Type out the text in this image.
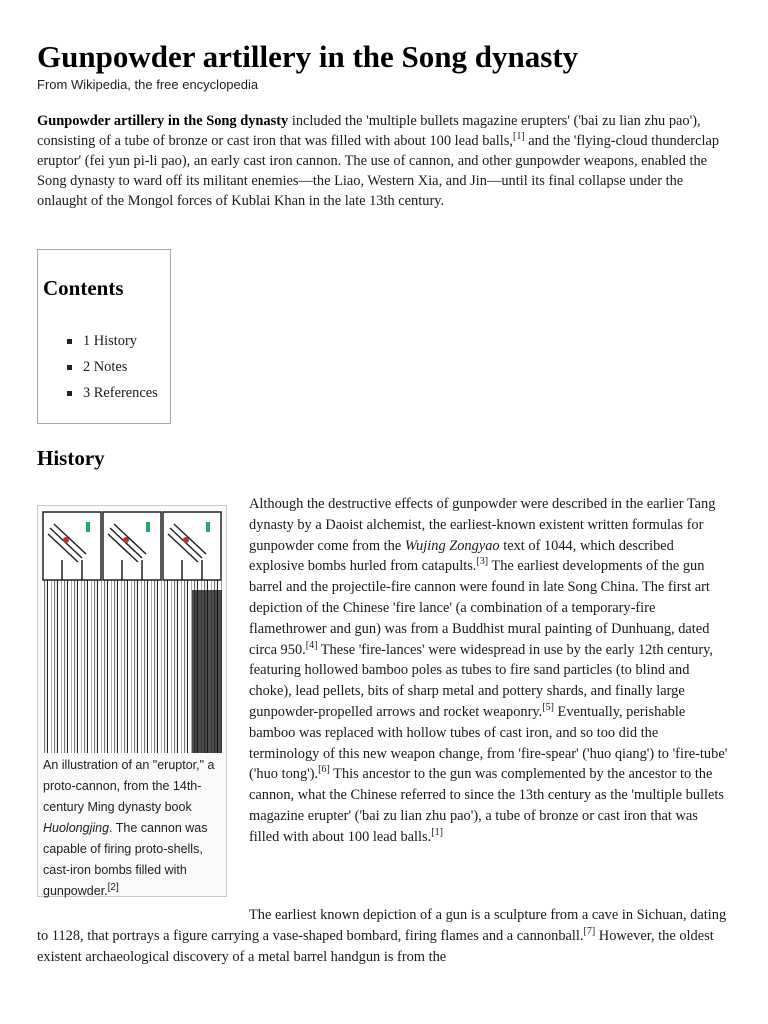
Gunpowder artillery in the Song dynasty
From Wikipedia, the free encyclopedia

Gunpowder artillery in the Song dynasty included the 'multiple bullets magazine erupters' ('bai zu lian zhu pao'), consisting of a tube of bronze or cast iron that was filled with about 100 lead balls,[1] and the 'flying-cloud thunderclap eruptor' (fei yun pi-li pao), an early cast iron cannon. The use of cannon, and other gunpowder weapons, enabled the Song dynasty to ward off its militant enemies—the Liao, Western Xia, and Jin—until its final collapse under the onlaught of the Mongol forces of Kublai Khan in the late 13th century.

Contents
1 History
2 Notes
3 References
History
An illustration of an "eruptor," a proto-cannon, from the 14th-century Ming dynasty book Huolongjing. The cannon was capable of firing proto-shells, cast-iron bombs filled with gunpowder.[2]

Although the destructive effects of gunpowder were described in the earlier Tang dynasty by a Daoist alchemist, the earliest-known existent written formulas for gunpowder come from the Wujing Zongyao text of 1044, which described explosive bombs hurled from catapults.[3] The earliest developments of the gun barrel and the projectile-fire cannon were found in late Song China. The first art depiction of the Chinese 'fire lance' (a combination of a temporary-fire flamethrower and gun) was from a Buddhist mural painting of Dunhuang, dated circa 950.[4] These 'fire-lances' were widespread in use by the early 12th century, featuring hollowed bamboo poles as tubes to fire sand particles (to blind and choke), lead pellets, bits of sharp metal and pottery shards, and finally large gunpowder-propelled arrows and rocket weaponry.[5] Eventually, perishable bamboo was replaced with hollow tubes of cast iron, and so too did the terminology of this new weapon change, from 'fire-spear' ('huo qiang') to 'fire-tube' ('huo tong').[6] This ancestor to the gun was complemented by the ancestor to the cannon, what the Chinese referred to since the 13th century as the 'multiple bullets magazine erupter' ('bai zu lian zhu pao'), a tube of bronze or cast iron that was filled with about 100 lead balls.[1]

The earliest known depiction of a gun is a sculpture from a cave in Sichuan, dating to 1128, that portrays a figure carrying a vase-shaped bombard, firing flames and a cannonball.[7] However, the oldest existent archaeological discovery of a metal barrel handgun is from the
